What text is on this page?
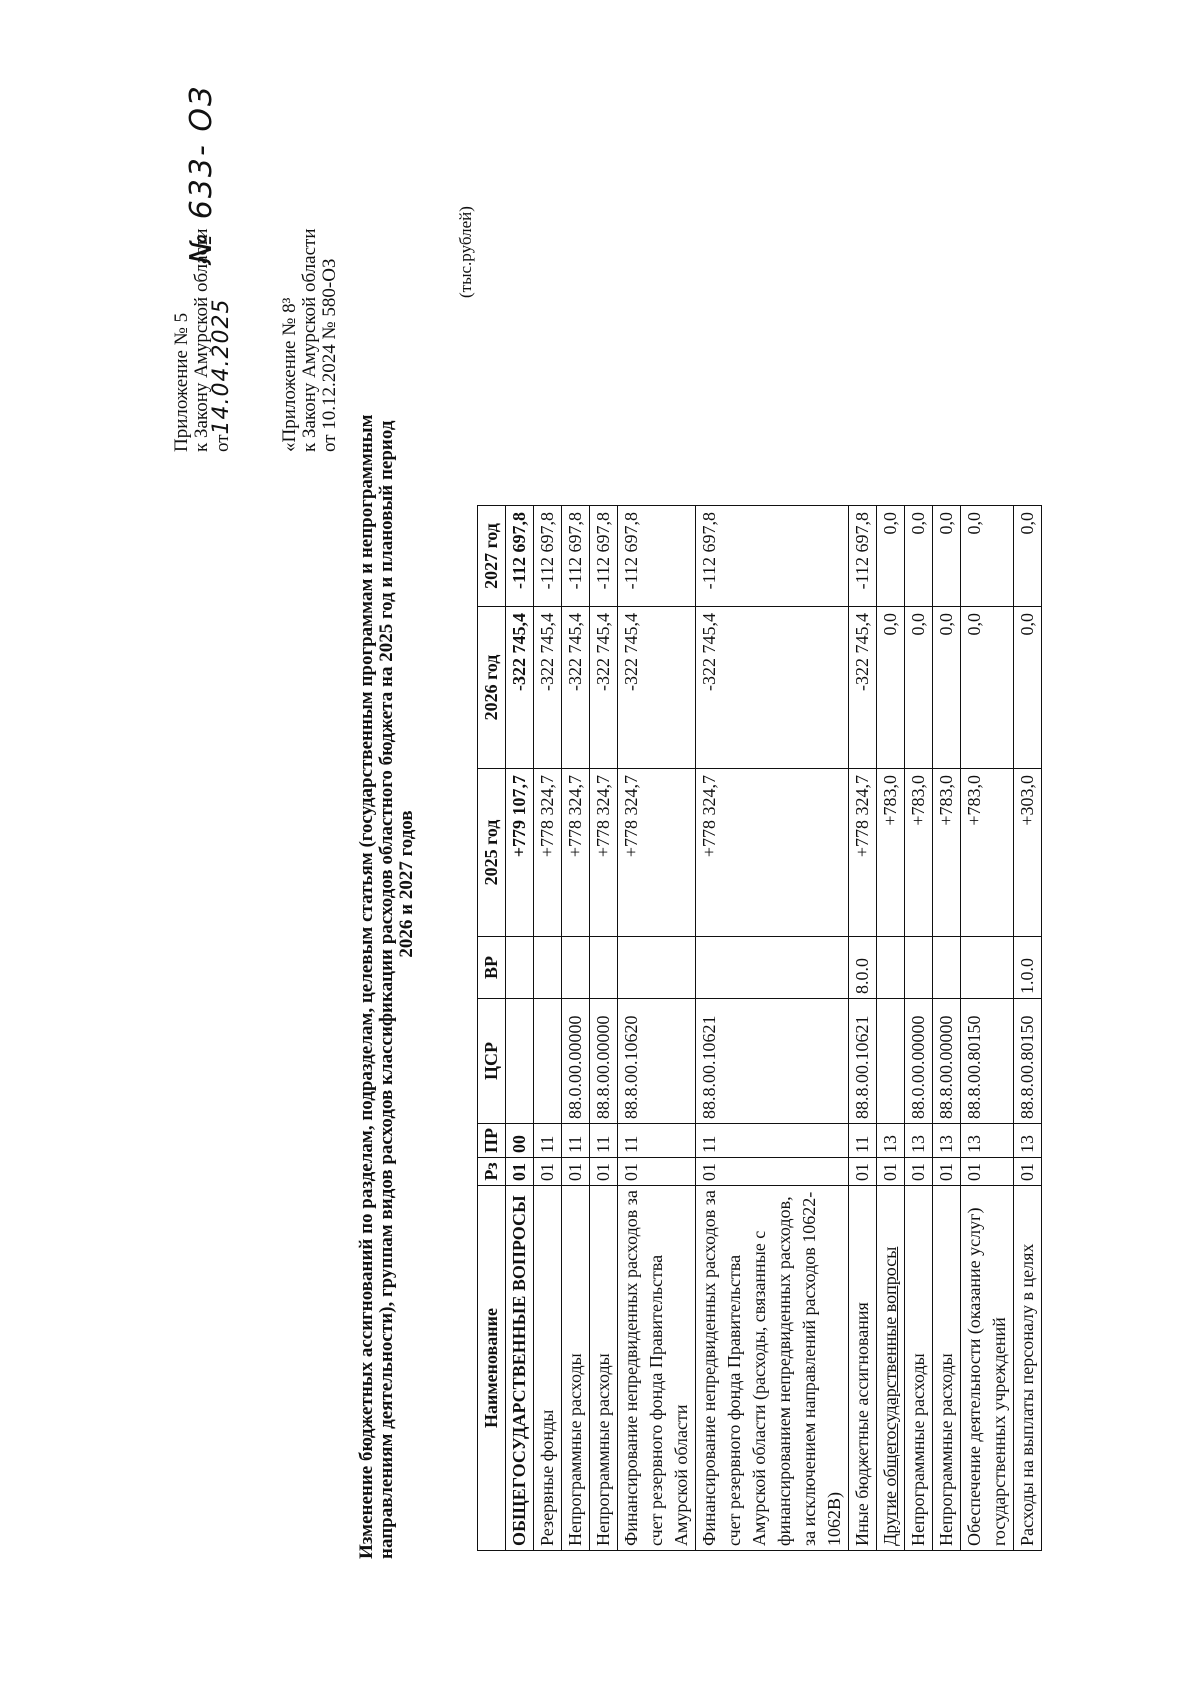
Приложение № 5 к Закону Амурской области от14.04.2025
№ 633- ОЗ
«Приложение № 8³ к Закону Амурской области от 10.12.2024 № 580-ОЗ
Изменение бюджетных ассигнований по разделам, подразделам, целевым статьям (государственным программам и непрограммным направлениям деятельности), группам видов расходов классификации расходов областного бюджета на 2025 год и плановый период 2026 и 2027 годов
(тыс.рублей)
Наименование	Рз	ПР	ЦСР	ВР	2025 год	2026 год	2027 год
ОБЩЕГОСУДАРСТВЕННЫЕ ВОПРОСЫ	01	00			+779 107,7	-322 745,4	-112 697,8
Резервные фонды	01	11			+778 324,7	-322 745,4	-112 697,8
Непрограммные расходы	01	11	88.0.00.00000		+778 324,7	-322 745,4	-112 697,8
Непрограммные расходы	01	11	88.8.00.00000		+778 324,7	-322 745,4	-112 697,8
Финансирование непредвиденных расходов за счет резервного фонда Правительства Амурской области	01	11	88.8.00.10620		+778 324,7	-322 745,4	-112 697,8
Финансирование непредвиденных расходов за счет резервного фонда Правительства Амурской области (расходы, связанные с финансированием непредвиденных расходов, за исключением направлений расходов 10622-1062В)	01	11	88.8.00.10621		+778 324,7	-322 745,4	-112 697,8
Иные бюджетные ассигнования	01	11	88.8.00.10621	8.0.0	+778 324,7	-322 745,4	-112 697,8
Другие общегосударственные вопросы	01	13			+783,0	0,0	0,0
Непрограммные расходы	01	13	88.0.00.00000		+783,0	0,0	0,0
Непрограммные расходы	01	13	88.8.00.00000		+783,0	0,0	0,0
Обеспечение деятельности (оказание услуг) государственных учреждений	01	13	88.8.00.80150		+783,0	0,0	0,0
Расходы на выплаты персоналу в целях	01	13	88.8.00.80150	1.0.0	+303,0	0,0	0,0
